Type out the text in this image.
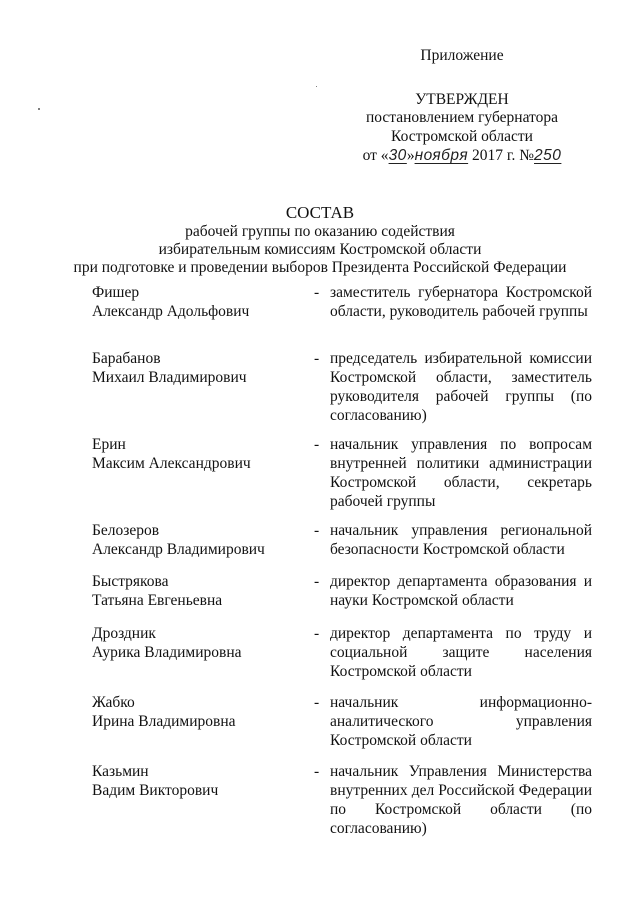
Приложение
УТВЕРЖДЕН
постановлением губернатора
Костромской области
от «30»ноября 2017 г. №250
СОСТАВ
рабочей группы по оказанию содействия
избирательным комиссиям Костромской области
при подготовке и проведении выборов Президента Российской Федерации
Фишер
Александр Адольфович
- заместитель губернатора Костромской области, руководитель рабочей группы
Барабанов
Михаил Владимирович
- председатель избирательной комиссии Костромской области, заместитель руководителя рабочей группы (по согласованию)
Ерин
Максим Александрович
- начальник управления по вопросам внутренней политики администрации Костромской области, секретарь рабочей группы
Белозеров
Александр Владимирович
- начальник управления региональной безопасности Костромской области
Быстрякова
Татьяна Евгеньевна
- директор департамента образования и науки Костромской области
Дроздник
Аурика Владимировна
- директор департамента по труду и социальной защите населения Костромской области
Жабко
Ирина Владимировна
- начальник информационно-аналитического управления Костромской области
Казьмин
Вадим Викторович
- начальник Управления Министерства внутренних дел Российской Федерации по Костромской области (по согласованию)
